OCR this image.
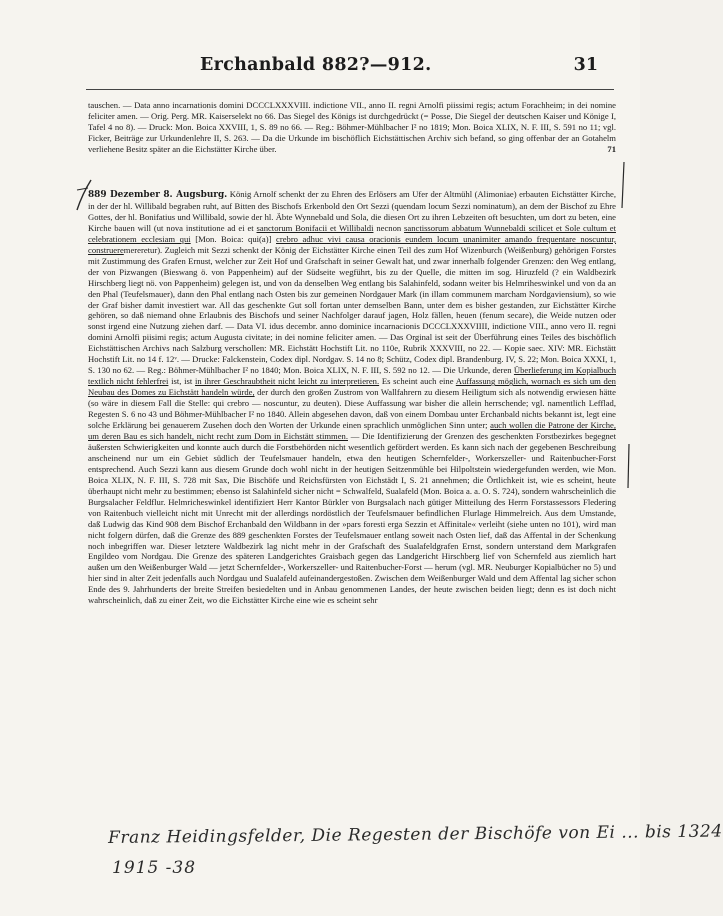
Erchanbald 882?—912.	31

71
tauschen. — Data anno incarnationis domini DCCCLXXXVIII. indictione VII., anno II. regni Arnolfi piissimi regis; actum Forachheim; in dei nomine feliciter amen. — Orig. Perg. MR. Kaiserselekt no 66. Das Siegel des Königs ist durchgedrückt (= Posse, Die Siegel der deutschen Kaiser und Könige I, Tafel 4 no 8). — Druck: Mon. Boica XXVIII, 1, S. 89 no 66. — Reg.: Böhmer-Mühlbacher I² no 1819; Mon. Boica XLIX, N. F. III, S. 591 no 11; vgl. Ficker, Beiträge zur Urkundenlehre II, S. 263. — Da die Urkunde im bischöflich Eichstättischen Archiv sich befand, so ging offenbar der an Gotahelm verliehene Besitz später an die Eichstätter Kirche über.

889 Dezember 8. Augsburg. König Arnolf schenkt der zu Ehren des Erlösers am Ufer der Altmühl (Alimoniae) erbauten Eichstätter Kirche, in der der hl. Willibald begraben ruht, auf Bitten des Bischofs Erkenbold den Ort Sezzi (quendam locum Sezzi nominatum), an dem der Bischof zu Ehre Gottes, der hl. Bonifatius und Willibald, sowie der hl. Äbte Wynnebald und Sola, die diesen Ort zu ihren Lebzeiten oft besuchten, um dort zu beten, eine Kirche bauen will (ut nova institutione ad ei et sanctorum Bonifacii et Willibaldi necnon sanctissorum abbatum Wunnebaldi scilicet et Sole cultum et celebrationem ecclesiam qui [Mon. Boica: qui(a)] crebro adhuc vivi causa oracionis eundem locum unanimiter amando frequentare noscuntur, construeremereretur). Zugleich mit Sezzi schenkt der König der Eichstätter Kirche einen Teil des zum Hof Wizenburch (Weißenburg) gehörigen Forstes mit Zustimmung des Grafen Ernust, welcher zur Zeit Hof und Grafschaft in seiner Gewalt hat, und zwar innerhalb folgender Grenzen: den Weg entlang, der von Pizwangen (Bieswang ö. von Pappenheim) auf der Südseite wegführt, bis zu der Quelle, die mitten im sog. Hiruzfeld (? ein Waldbezirk Hirschberg liegt nö. von Pappenheim) gelegen ist, und von da denselben Weg entlang bis Salahinfeld, sodann weiter bis Helmriheswinkel und von da an den Phal (Teufelsmauer), dann den Phal entlang nach Osten bis zur gemeinen Nordgauer Mark (in illam communem marcham Nordgaviensium), so wie der Graf bisher damit investiert war. All das geschenkte Gut soll fortan unter demselben Bann, unter dem es bisher gestanden, zur Eichstätter Kirche gehören, so daß niemand ohne Erlaubnis des Bischofs und seiner Nachfolger darauf jagen, Holz fällen, heuen (fenum secare), die Weide nutzen oder sonst irgend eine Nutzung ziehen darf. — Data VI. idus decembr. anno dominice incarnacionis DCCCLXXXVIIII, indictione VIII., anno vero II. regni domini Arnolfi piisimi regis; actum Augusta civitate; in dei nomine feliciter amen. — Das Orginal ist seit der Überführung eines Teiles des bischöflich Eichstättischen Archivs nach Salzburg verschollen: MR. Eichstätt Hochstift Lit. no 110e, Rubrik XXXVIII, no 22. — Kopie saec. XIV: MR. Eichstätt Hochstift Lit. no 14 f. 12ᵛ. — Drucke: Falckenstein, Codex dipl. Nordgav. S. 14 no 8; Schütz, Codex dipl. Brandenburg. IV, S. 22; Mon. Boica XXXI, 1, S. 130 no 62. — Reg.: Böhmer-Mühlbacher I² no 1840; Mon. Boica XLIX, N. F. III, S. 592 no 12. — Die Urkunde, deren Überlieferung im Kopialbuch textlich nicht fehlerfrei ist, ist in ihrer Geschraubtheit nicht leicht zu interpretieren. Es scheint auch eine Auffassung möglich, wornach es sich um den Neubau des Domes zu Eichstätt handeln würde, der durch den großen Zustrom von Wallfahrern zu diesem Heiligtum sich als notwendig erwiesen hätte (so wäre in diesem Fall die Stelle: qui crebro — noscuntur, zu deuten). Diese Auffassung war bisher die allein herrschende; vgl. namentlich Lefflad, Regesten S. 6 no 43 und Böhmer-Mühlbacher I² no 1840. Allein abgesehen davon, daß von einem Dombau unter Erchanbald nichts bekannt ist, legt eine solche Erklärung bei genauerem Zusehen doch den Worten der Urkunde einen sprachlich unmöglichen Sinn unter; auch wollen die Patrone der Kirche, um deren Bau es sich handelt, nicht recht zum Dom in Eichstätt stimmen. — Die Identifizierung der Grenzen des geschenkten Forstbezirkes begegnet äußersten Schwierigkeiten und konnte auch durch die Forstbehörden nicht wesentlich gefördert werden. Es kann sich nach der gegebenen Beschreibung anscheinend nur um ein Gebiet südlich der Teufelsmauer handeln, etwa den heutigen Schernfelder-, Workerszeller- und Raitenbucher-Forst entsprechend. Auch Sezzi kann aus diesem Grunde doch wohl nicht in der heutigen Seitzenmühle bei Hilpoltstein wiedergefunden werden, wie Mon. Boica XLIX, N. F. III, S. 728 mit Sax, Die Bischöfe und Reichsfürsten von Eichstädt I, S. 21 annehmen; die Örtlichkeit ist, wie es scheint, heute überhaupt nicht mehr zu bestimmen; ebenso ist Salahinfeld sicher nicht = Schwalfeld, Sualafeld (Mon. Boica a. a. O. S. 724), sondern wahrscheinlich die Burgsalacher Feldflur. Helmricheswinkel identifiziert Herr Kantor Bürkler von Burgsalach nach gütiger Mitteilung des Herrn Forstassessors Fledering von Raitenbuch vielleicht nicht mit Unrecht mit der allerdings nordöstlich der Teufelsmauer befindlichen Flurlage Himmelreich. Aus dem Umstande, daß Ludwig das Kind 908 dem Bischof Erchanbald den Wildbann in der »pars foresti erga Sezzin et Affinitale« verleiht (siehe unten no 101), wird man nicht folgern dürfen, daß die Grenze des 889 geschenkten Forstes der Teufelsmauer entlang soweit nach Osten lief, daß das Affental in der Schenkung noch inbegriffen war. Dieser letztere Waldbezirk lag nicht mehr in der Grafschaft des Sualafeldgrafen Ernst, sondern unterstand dem Markgrafen Engildeo vom Nordgau. Die Grenze des späteren Landgerichtes Graisbach gegen das Landgericht Hirschberg lief von Schernfeld aus ziemlich hart außen um den Weißenburger Wald — jetzt Schernfelder-, Workerszeller- und Raitenbucher-Forst — herum (vgl. MR. Neuburger Kopialbücher no 5) und hier sind in alter Zeit jedenfalls auch Nordgau und Sualafeld aufeinandergestoßen. Zwischen dem Weißenburger Wald und dem Affental lag sicher schon Ende des 9. Jahrhunderts der breite Streifen besiedelten und in Anbau genommenen Landes, der heute zwischen beiden liegt; denn es ist doch nicht wahrscheinlich, daß zu einer Zeit, wo die Eichstätter Kirche eine wie es scheint sehr

Franz Heidingsfelder, Die Regesten der Bischöfe von Ei ... bis 1324
1915 -38
